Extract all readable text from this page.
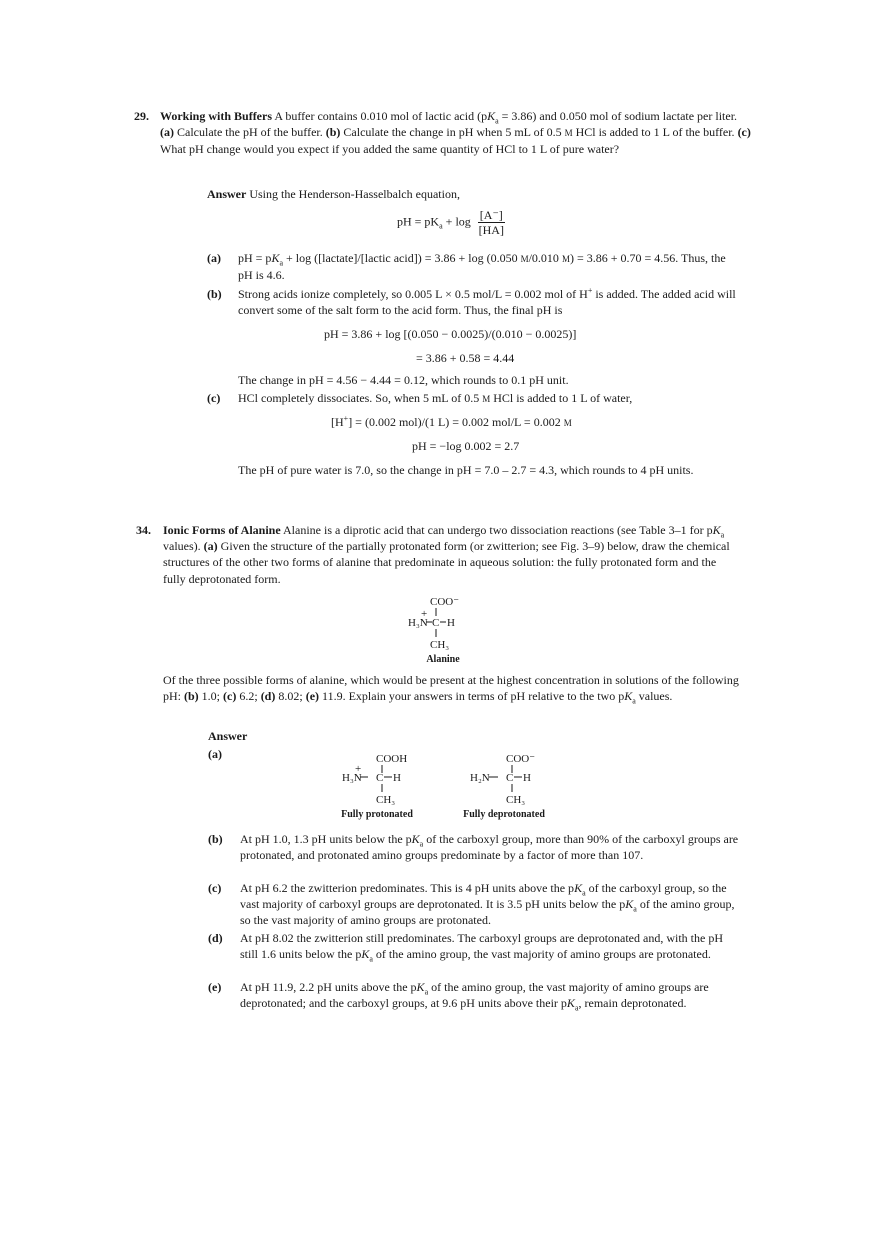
29. Working with Buffers A buffer contains 0.010 mol of lactic acid $(pK_a = 3.86)$ and 0.050 mol of sodium lactate per liter. (a) Calculate the pH of the buffer. (b) Calculate the change in pH when 5 mL of 0.5 M HCl is added to 1 L of the buffer. (c) What pH change would you expect if you added the same quantity of HCl to 1 L of pure water?
Answer Using the Henderson-Hasselbalch equation,
pH = $pK_a + \log \frac{[A^-]}{[HA]}$
(a) pH = $pK_a + \log$ ([lactate]/[lactic acid]) = 3.86 + log (0.050 M/0.010 M) = 3.86 + 0.70 = 4.56. Thus, the pH is 4.6.
(b) Strong acids ionize completely, so 0.005 L × 0.5 mol/L = 0.002 mol of H+ is added. The added acid will convert some of the salt form to the acid form. Thus, the final pH is
pH = 3.86 + log [(0.050 − 0.0025)/(0.010 − 0.0025)]
= 3.86 + 0.58 = 4.44
The change in pH = 4.56 − 4.44 = 0.12, which rounds to 0.1 pH unit.
(c) HCl completely dissociates. So, when 5 mL of 0.5 M HCl is added to 1 L of water,
[H+] = (0.002 mol)/(1 L) = 0.002 mol/L = 0.002 M
pH = −log 0.002 = 2.7
The pH of pure water is 7.0, so the change in pH = 7.0 – 2.7 = 4.3, which rounds to 4 pH units.
34. Ionic Forms of Alanine Alanine is a diprotic acid that can undergo two dissociation reactions (see Table 3–1 for $pK_a$ values). (a) Given the structure of the partially protonated form (or zwitterion; see Fig. 3–9) below, draw the chemical structures of the other two forms of alanine that predominate in aqueous solution: the fully protonated form and the fully deprotonated form.
COO⁻
+
H₃N C H
CH₃
Alanine
Of the three possible forms of alanine, which would be present at the highest concentration in solutions of the following pH: (b) 1.0; (c) 6.2; (d) 8.02; (e) 11.9. Explain your answers in terms of pH relative to the two $pK_a$ values.
Answer
(a)	COOH
+
H₃N C H
CH₃
Fully protonated
COO⁻
H₂N C H
CH₃
Fully deprotonated
(b) At pH 1.0, 1.3 pH units below the $pK_a$ of the carboxyl group, more than 90% of the carboxyl groups are protonated, and protonated amino groups predominate by a factor of more than 107.
(c) At pH 6.2 the zwitterion predominates. This is 4 pH units above the $pK_a$ of the carboxyl group, so the vast majority of carboxyl groups are deprotonated. It is 3.5 pH units below the $pK_a$ of the amino group, so the vast majority of amino groups are protonated.
(d) At pH 8.02 the zwitterion still predominates. The carboxyl groups are deprotonated and, with the pH still 1.6 units below the $pK_a$ of the amino group, the vast majority of amino groups are protonated.
(e) At pH 11.9, 2.2 pH units above the $pK_a$ of the amino group, the vast majority of amino groups are deprotonated; and the carboxyl groups, at 9.6 pH units above their $pK_a$, remain deprotonated.
